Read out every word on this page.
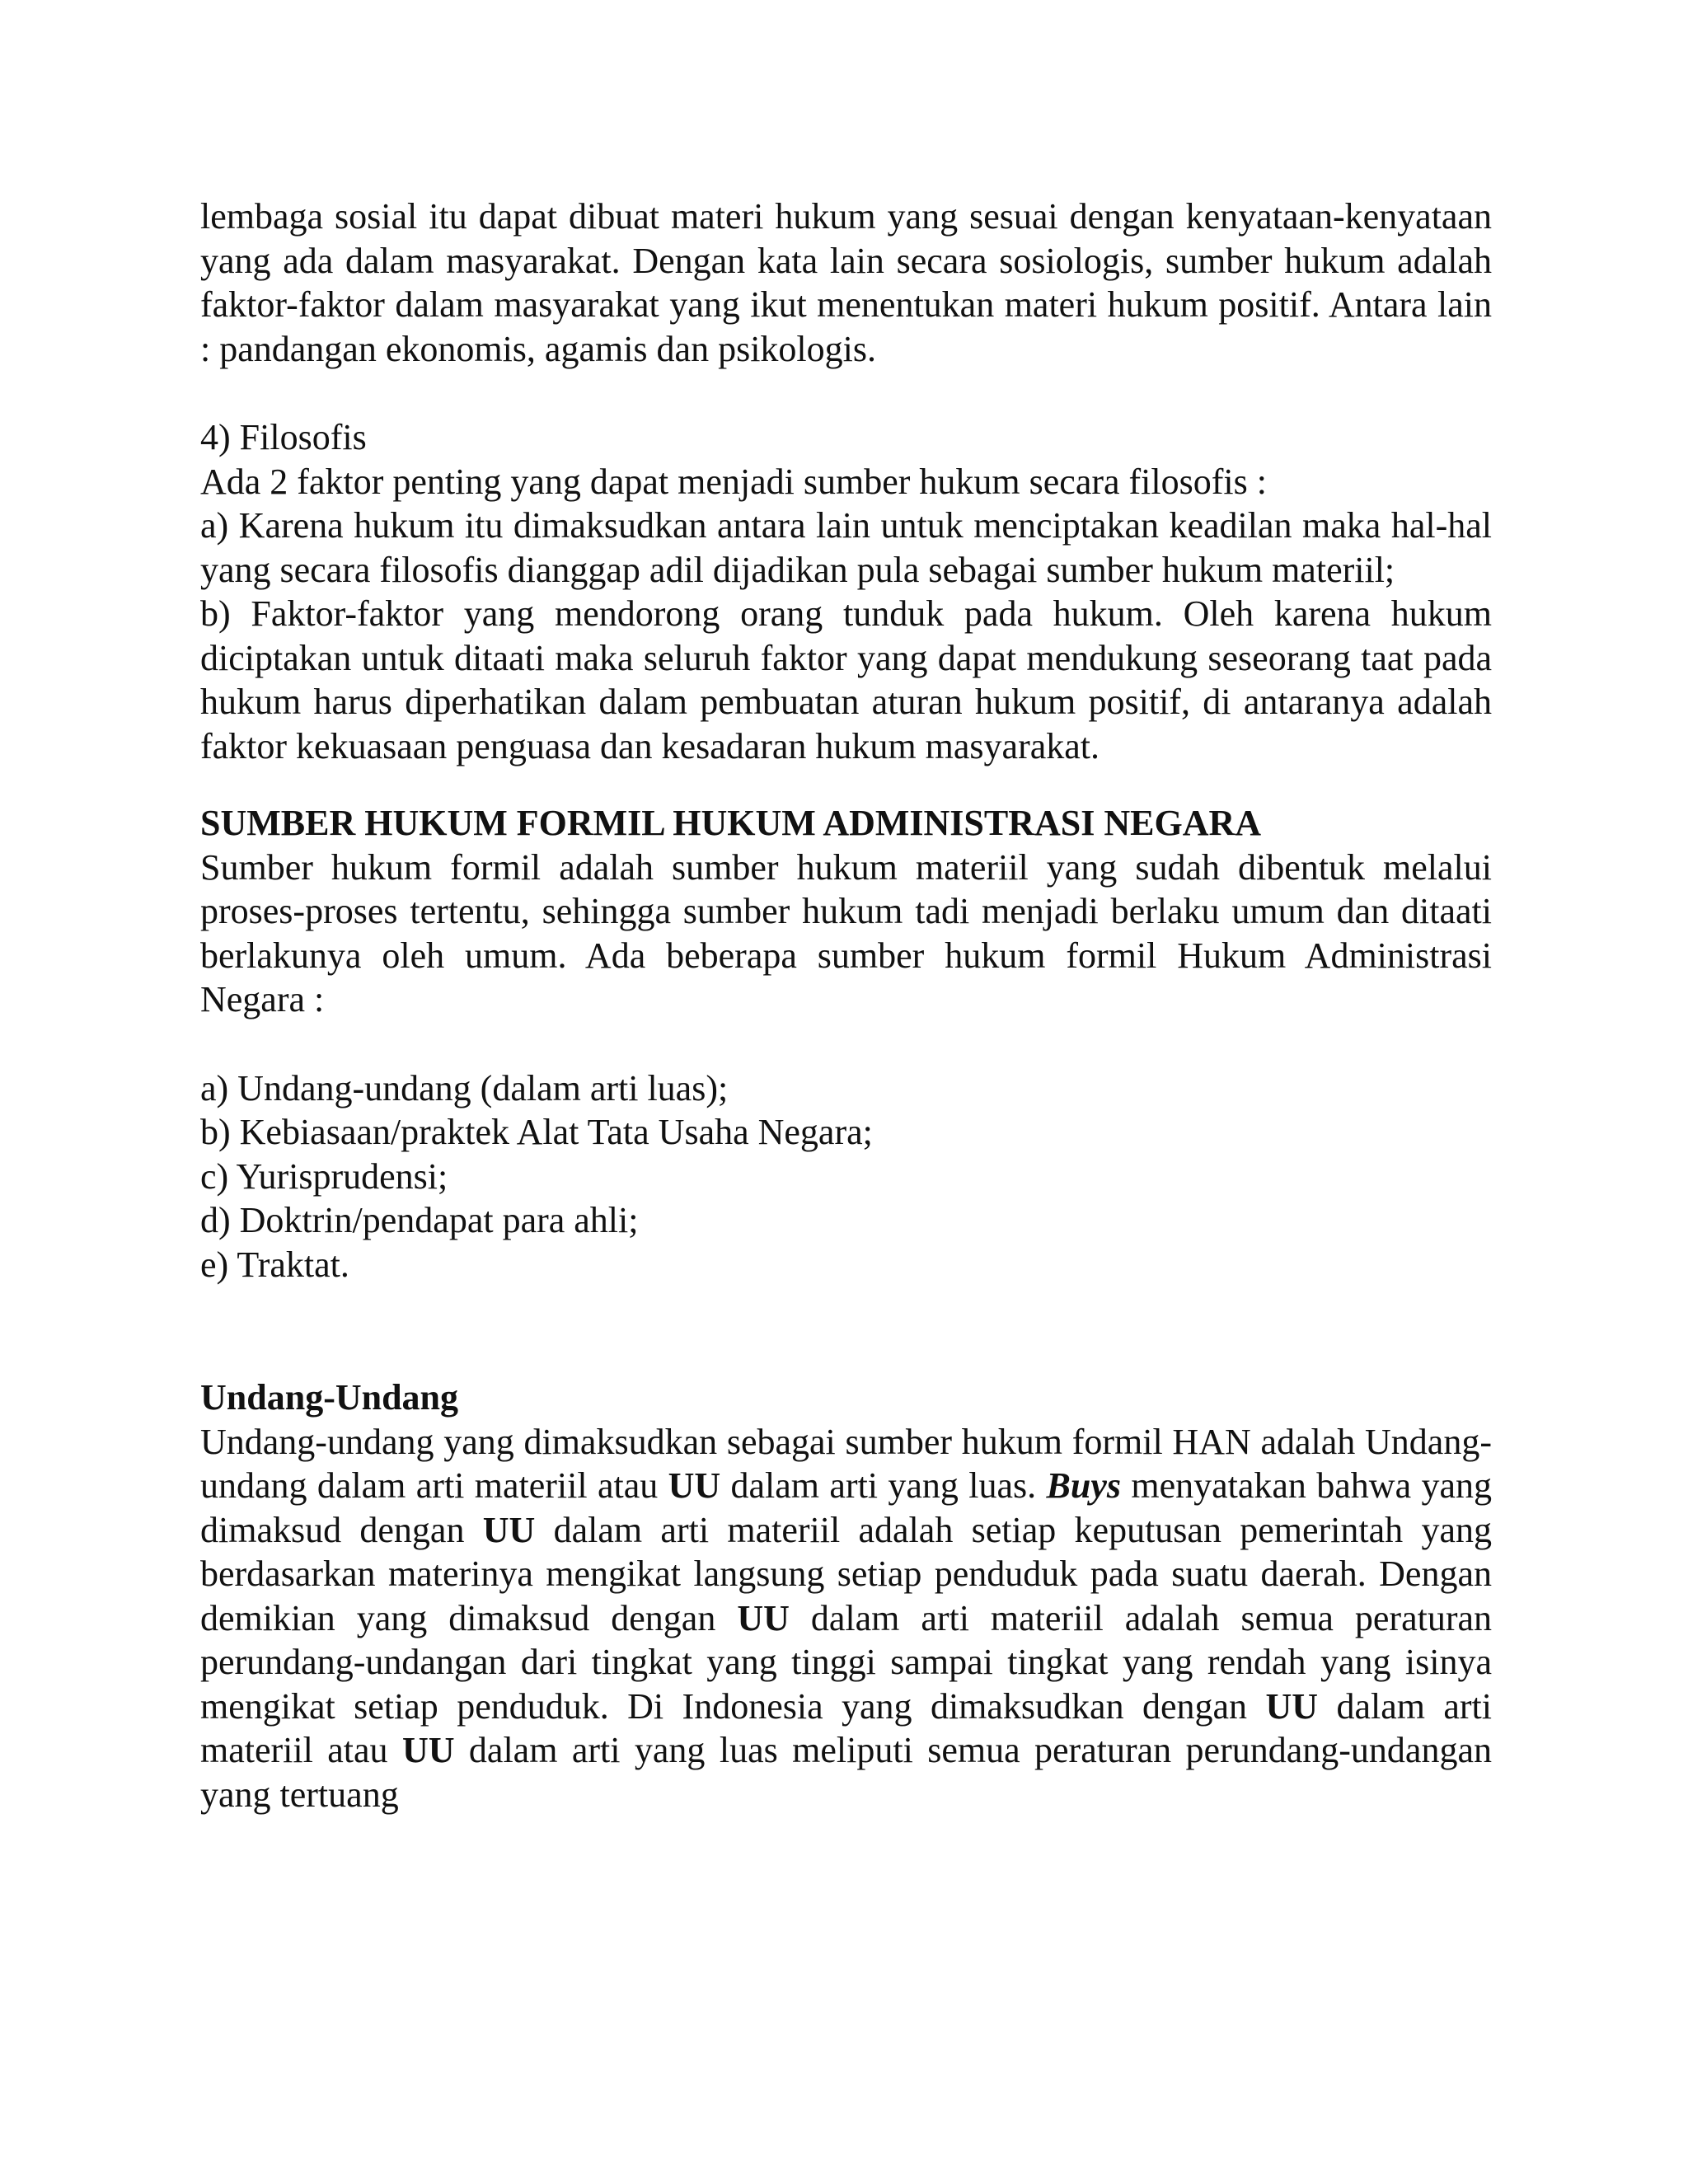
lembaga sosial itu dapat dibuat materi hukum yang sesuai dengan kenyataan-kenyataan yang ada dalam masyarakat. Dengan kata lain secara sosiologis, sumber hukum adalah faktor-faktor dalam masyarakat yang ikut menentukan materi hukum positif. Antara lain : pandangan ekonomis, agamis dan psikologis.

4) Filosofis

Ada 2 faktor penting yang dapat menjadi sumber hukum secara filosofis :

a) Karena hukum itu dimaksudkan antara lain untuk menciptakan keadilan maka hal-hal yang secara filosofis dianggap adil dijadikan pula sebagai sumber hukum materiil;

b) Faktor-faktor yang mendorong orang tunduk pada hukum. Oleh karena hukum diciptakan untuk ditaati maka seluruh faktor yang dapat mendukung seseorang taat pada hukum harus diperhatikan dalam pembuatan aturan hukum positif, di antaranya adalah faktor kekuasaan penguasa dan kesadaran hukum masyarakat.

SUMBER HUKUM FORMIL HUKUM ADMINISTRASI NEGARA

Sumber hukum formil adalah sumber hukum materiil yang sudah dibentuk melalui proses-proses tertentu, sehingga sumber hukum tadi menjadi berlaku umum dan ditaati berlakunya oleh umum. Ada beberapa sumber hukum formil Hukum Administrasi Negara :

a) Undang-undang (dalam arti luas);
b) Kebiasaan/praktek Alat Tata Usaha Negara;
c) Yurisprudensi;
d) Doktrin/pendapat para ahli;
e) Traktat.

Undang-Undang

Undang-undang yang dimaksudkan sebagai sumber hukum formil HAN adalah Undang-undang dalam arti materiil atau UU dalam arti yang luas. Buys menyatakan bahwa yang dimaksud dengan UU dalam arti materiil adalah setiap keputusan pemerintah yang berdasarkan materinya mengikat langsung setiap penduduk pada suatu daerah. Dengan demikian yang dimaksud dengan UU dalam arti materiil adalah semua peraturan perundang-undangan dari tingkat yang tinggi sampai tingkat yang rendah yang isinya mengikat setiap penduduk. Di Indonesia yang dimaksudkan dengan UU dalam arti materiil atau UU dalam arti yang luas meliputi semua peraturan perundang-undangan yang tertuang
